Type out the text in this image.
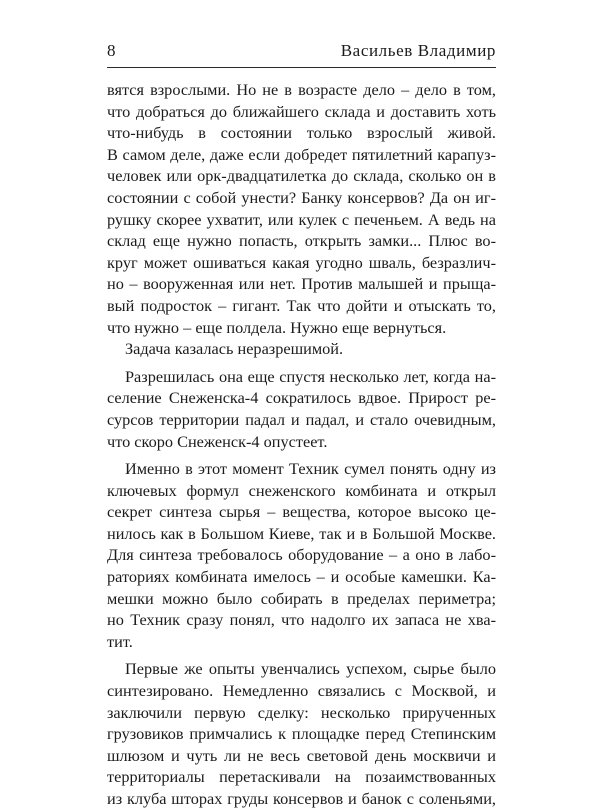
8	Васильев Владимир
вятся взрослыми. Но не в возрасте дело – дело в том,
что добраться до ближайшего склада и доставить хоть
что-нибудь в состоянии только взрослый живой.
В самом деле, даже если добредет пятилетний карапуз-
человек или орк-двадцатилетка до склада, сколько он в
состоянии с собой унести? Банку консервов? Да он иг-
рушку скорее ухватит, или кулек с печеньем. А ведь на
склад еще нужно попасть, открыть замки... Плюс во-
круг может ошиваться какая угодно шваль, безразлич-
но – вооруженная или нет. Против малышей и прыща-
вый подросток – гигант. Так что дойти и отыскать то,
что нужно – еще полдела. Нужно еще вернуться.
Задача казалась неразрешимой.
Разрешилась она еще спустя несколько лет, когда на-
селение Снеженска-4 сократилось вдвое. Прирост ре-
сурсов территории падал и падал, и стало очевидным,
что скоро Снеженск-4 опустеет.
Именно в этот момент Техник сумел понять одну из
ключевых формул снеженского комбината и открыл
секрет синтеза сырья – вещества, которое высоко це-
нилось как в Большом Киеве, так и в Большой Москве.
Для синтеза требовалось оборудование – а оно в лабо-
раториях комбината имелось – и особые камешки. Ка-
мешки можно было собирать в пределах периметра;
но Техник сразу понял, что надолго их запаса не хва-
тит.
Первые же опыты увенчались успехом, сырье было
синтезировано. Немедленно связались с Москвой, и
заключили первую сделку: несколько прирученных
грузовиков примчались к площадке перед Степинским
шлюзом и чуть ли не весь световой день москвичи и
территориалы перетаскивали на позаимствованных
из клуба шторах груды консервов и банок с соленьями,
